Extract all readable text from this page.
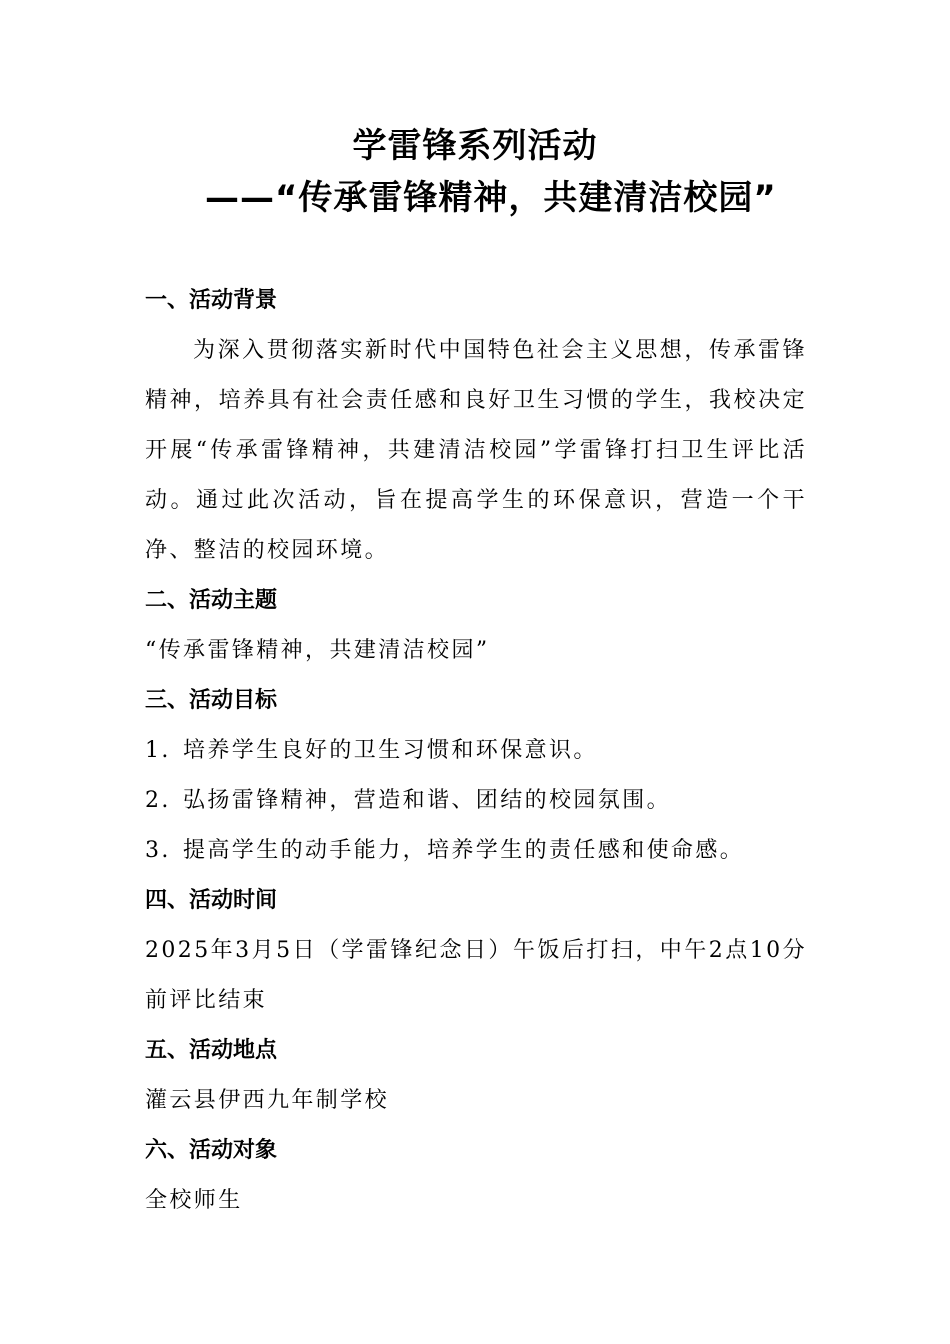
学雷锋系列活动
——“传承雷锋精神，共建清洁校园”
一、活动背景
为深入贯彻落实新时代中国特色社会主义思想，传承雷锋精神，培养具有社会责任感和良好卫生习惯的学生，我校决定开展“传承雷锋精神，共建清洁校园”学雷锋打扫卫生评比活动。通过此次活动，旨在提高学生的环保意识，营造一个干净、整洁的校园环境。
二、活动主题
“传承雷锋精神，共建清洁校园”
三、活动目标
1. 培养学生良好的卫生习惯和环保意识。
2. 弘扬雷锋精神，营造和谐、团结的校园氛围。
3. 提高学生的动手能力，培养学生的责任感和使命感。
四、活动时间
2025年3月5日（学雷锋纪念日）午饭后打扫，中午2点10分前评比结束
五、活动地点
灌云县伊西九年制学校
六、活动对象
全校师生
